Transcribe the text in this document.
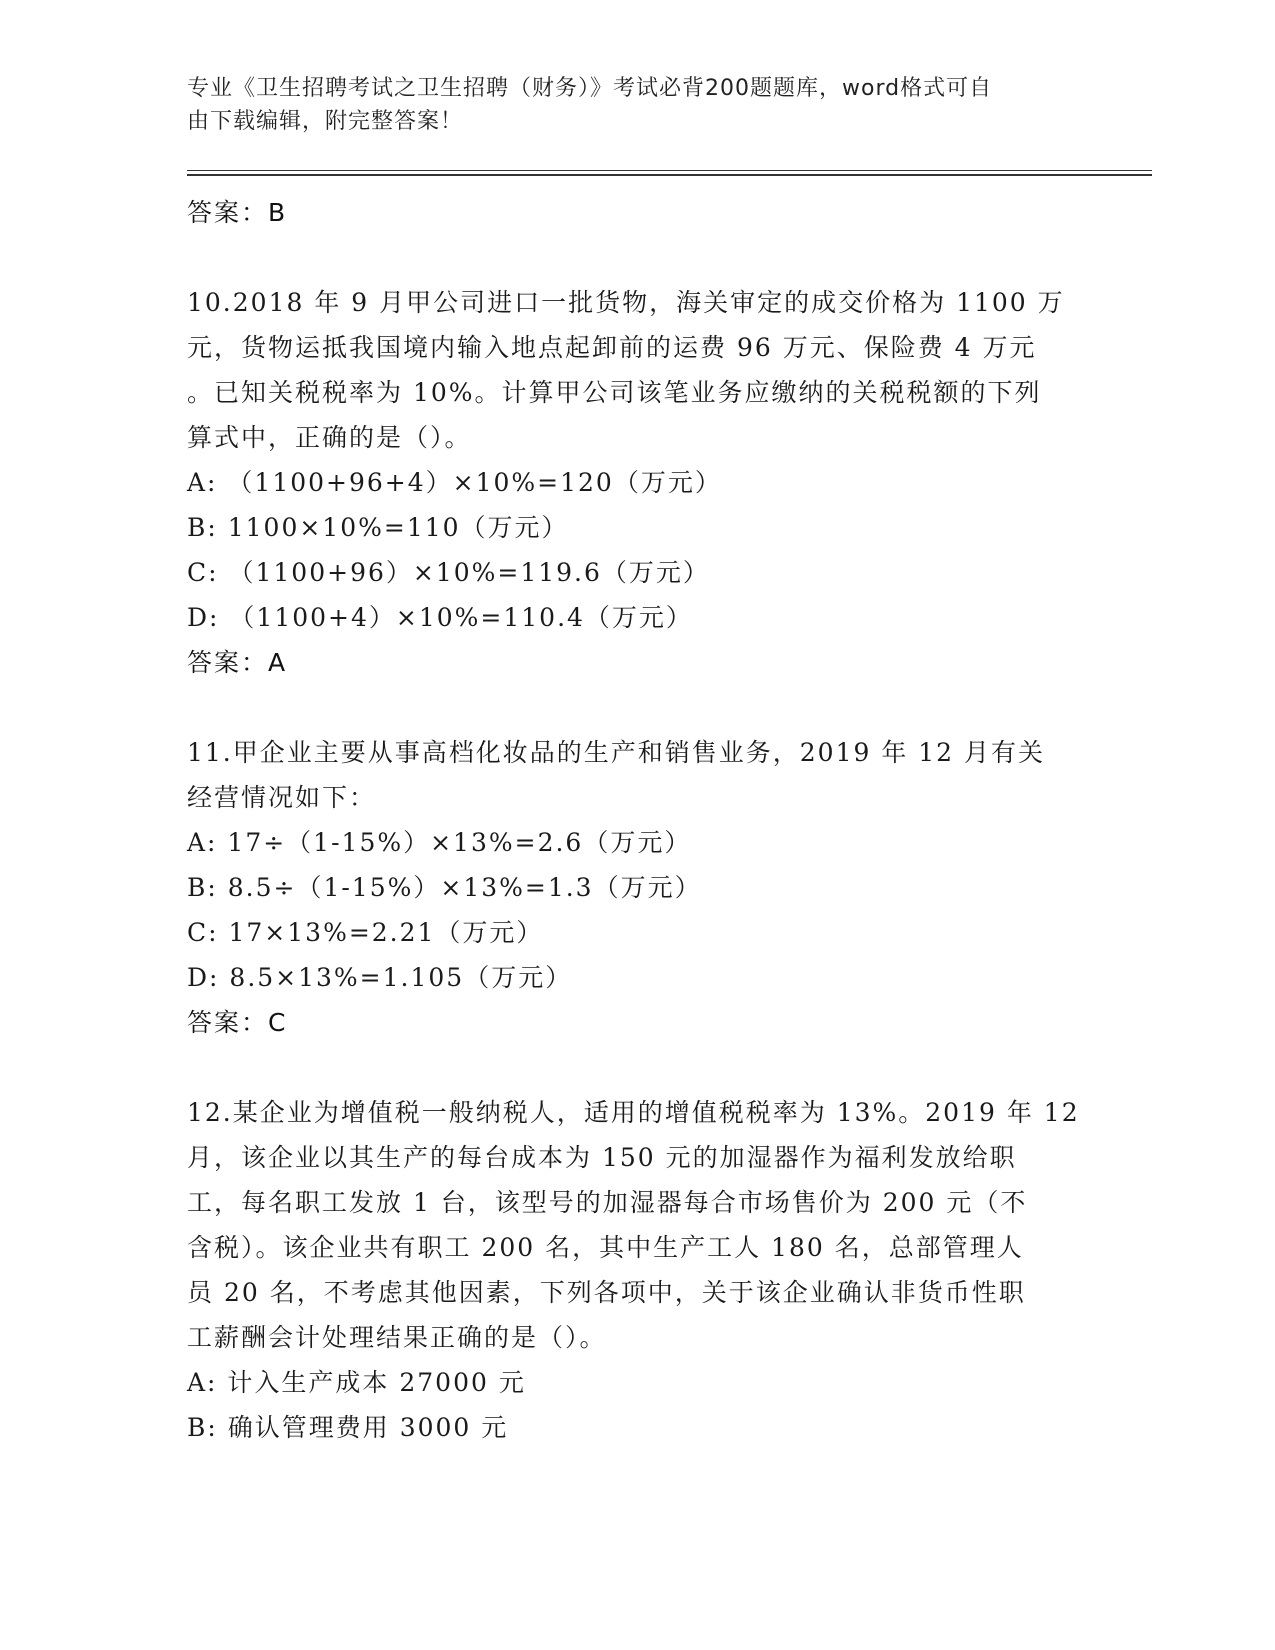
专业《卫生招聘考试之卫生招聘（财务）》考试必背200题题库，word格式可自
由下载编辑，附完整答案！
答案：B
10.2018 年 9 月甲公司进口一批货物，海关审定的成交价格为 1100 万
元，货物运抵我国境内输入地点起卸前的运费 96 万元、保险费 4 万元
。已知关税税率为 10%。计算甲公司该笔业务应缴纳的关税税额的下列
算式中，正确的是（）。
A: （1100+96+4）×10%=120（万元）
B: 1100×10%=110（万元）
C: （1100+96）×10%=119.6（万元）
D: （1100+4）×10%=110.4（万元）
答案：A
11.甲企业主要从事高档化妆品的生产和销售业务，2019 年 12 月有关
经营情况如下：
A: 17÷（1-15%）×13%=2.6（万元）
B: 8.5÷（1-15%）×13%=1.3（万元）
C: 17×13%=2.21（万元）
D: 8.5×13%=1.105（万元）
答案：C
12.某企业为增值税一般纳税人，适用的增值税税率为 13%。2019 年 12
月，该企业以其生产的每台成本为 150 元的加湿器作为福利发放给职
工，每名职工发放 1 台，该型号的加湿器每合市场售价为 200 元（不
含税）。该企业共有职工 200 名，其中生产工人 180 名，总部管理人
员 20 名，不考虑其他因素，下列各项中，关于该企业确认非货币性职
工薪酬会计处理结果正确的是（）。
A: 计入生产成本 27000 元
B: 确认管理费用 3000 元
